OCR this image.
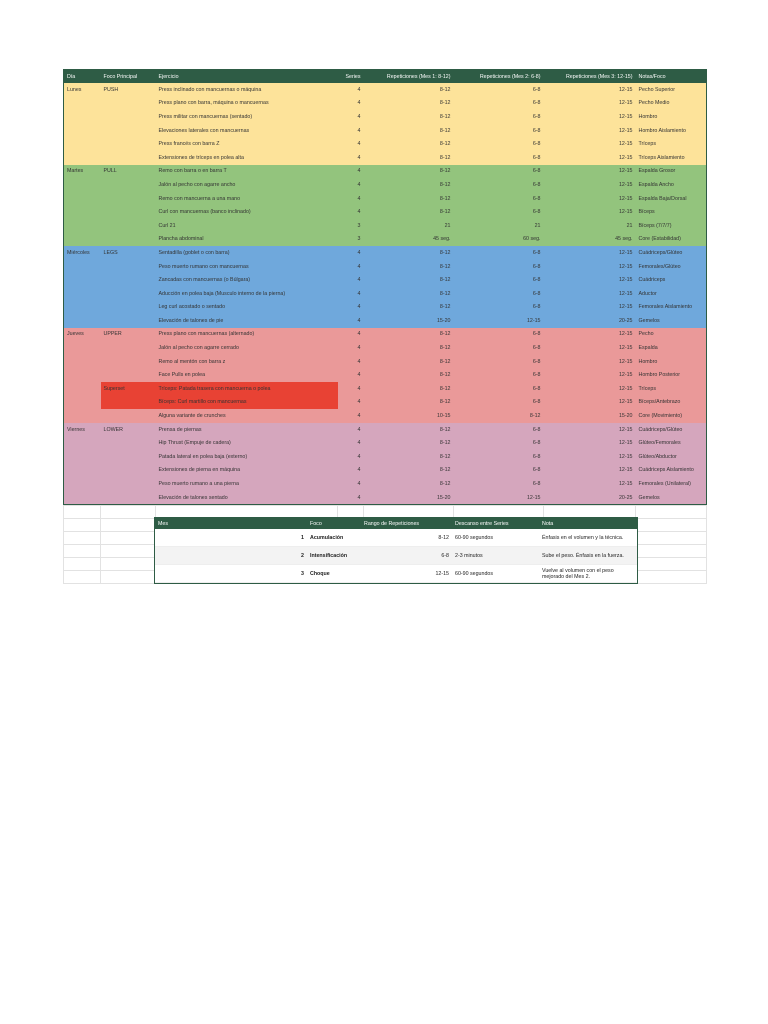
Día	Foco Principal	Ejercicio	Series	Repeticiones (Mes 1: 8-12)	Repeticiones (Mes 2: 6-8)	Repeticiones (Mes 3: 12-15)	Notas/Foco
Lunes	PUSH	Press inclinado con mancuernas o máquina	4	8-12	6-8	12-15	Pecho Superior
		Press plano con barra, máquina o mancuernas	4	8-12	6-8	12-15	Pecho Medio
		Press militar con mancuernas (sentado)	4	8-12	6-8	12-15	Hombro
		Elevaciones laterales con mancuernas	4	8-12	6-8	12-15	Hombro Aislamiento
		Press francés con barra Z	4	8-12	6-8	12-15	Tríceps
		Extensiones de tríceps en polea alta	4	8-12	6-8	12-15	Tríceps Aislamiento
Martes	PULL	Remo con barra o en barra T	4	8-12	6-8	12-15	Espalda Grosor
		Jalón al pecho con agarre ancho	4	8-12	6-8	12-15	Espalda Ancho
		Remo con mancuerna a una mano	4	8-12	6-8	12-15	Espalda Baja/Dorsal
		Curl con mancuernas (banco inclinado)	4	8-12	6-8	12-15	Bíceps
		Curl 21	3	21	21	21	Bíceps (7/7/7)
		Plancha abdominal	3	45 seg.	60 seg.	45 seg.	Core (Estabilidad)
Miércoles	LEGS	Sentadilla (goblet o con barra)	4	8-12	6-8	12-15	Cuádriceps/Glúteo
		Peso muerto rumano con mancuernas	4	8-12	6-8	12-15	Femorales/Glúteo
		Zancadas con mancuernas (o Búlgara)	4	8-12	6-8	12-15	Cuádriceps
		Aducción en polea baja (Musculo interno de la pierna)	4	8-12	6-8	12-15	Aductor
		Leg curl acostado o sentado	4	8-12	6-8	12-15	Femorales Aislamiento
		Elevación de talones de pie	4	15-20	12-15	20-25	Gemelos
Jueves	UPPER	Press plano con mancuernas (alternado)	4	8-12	6-8	12-15	Pecho
		Jalón al pecho con agarre cerrado	4	8-12	6-8	12-15	Espalda
		Remo al mentón con barra z	4	8-12	6-8	12-15	Hombro
		Face Pulls en polea	4	8-12	6-8	12-15	Hombro Posterior
	Superset	Tríceps: Patada trasera con mancuerna o polea	4	8-12	6-8	12-15	Tríceps
		Bíceps: Curl martillo con mancuernas	4	8-12	6-8	12-15	Bíceps/Antebrazo
		Alguna variante de crunches	4	10-15	8-12	15-20	Core (Movimiento)
Viernes	LOWER	Prensa de piernas	4	8-12	6-8	12-15	Cuádriceps/Glúteo
		Hip Thrust (Empuje de cadera)	4	8-12	6-8	12-15	Glúteo/Femorales
		Patada lateral en polea baja (externo)	4	8-12	6-8	12-15	Glúteo/Abductor
		Extensiones de pierna en máquina	4	8-12	6-8	12-15	Cuádriceps Aislamiento
		Peso muerto rumano a una pierna	4	8-12	6-8	12-15	Femorales (Unilateral)
		Elevación de talones sentado	4	15-20	12-15	20-25	Gemelos

Mes	Foco	Rango de Repeticiones	Descanso entre Series	Nota
1	Acumulación	8-12	60-90 segundos	Énfasis en el volumen y la técnica.
2	Intensificación	6-8	2-3 minutos	Sube el peso. Énfasis en la fuerza.
3	Choque	12-15	60-90 segundos	Vuelve al volumen con el peso mejorado del Mes 2.
